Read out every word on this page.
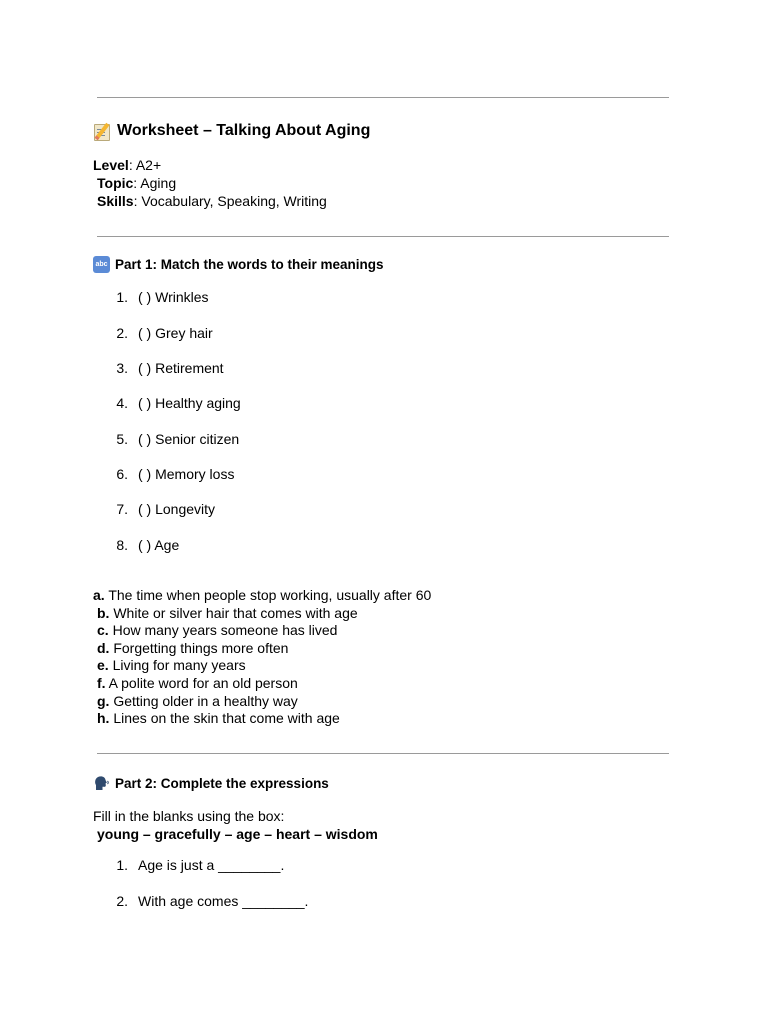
Worksheet – Talking About Aging
Level: A2+
Topic: Aging
Skills: Vocabulary, Speaking, Writing
abc Part 1: Match the words to their meanings
1. ( ) Wrinkles
2. ( ) Grey hair
3. ( ) Retirement
4. ( ) Healthy aging
5. ( ) Senior citizen
6. ( ) Memory loss
7. ( ) Longevity
8. ( ) Age
a. The time when people stop working, usually after 60
b. White or silver hair that comes with age
c. How many years someone has lived
d. Forgetting things more often
e. Living for many years
f. A polite word for an old person
g. Getting older in a healthy way
h. Lines on the skin that come with age
Part 2: Complete the expressions
Fill in the blanks using the box:
young – gracefully – age – heart – wisdom
1. Age is just a ________.
2. With age comes ________.
